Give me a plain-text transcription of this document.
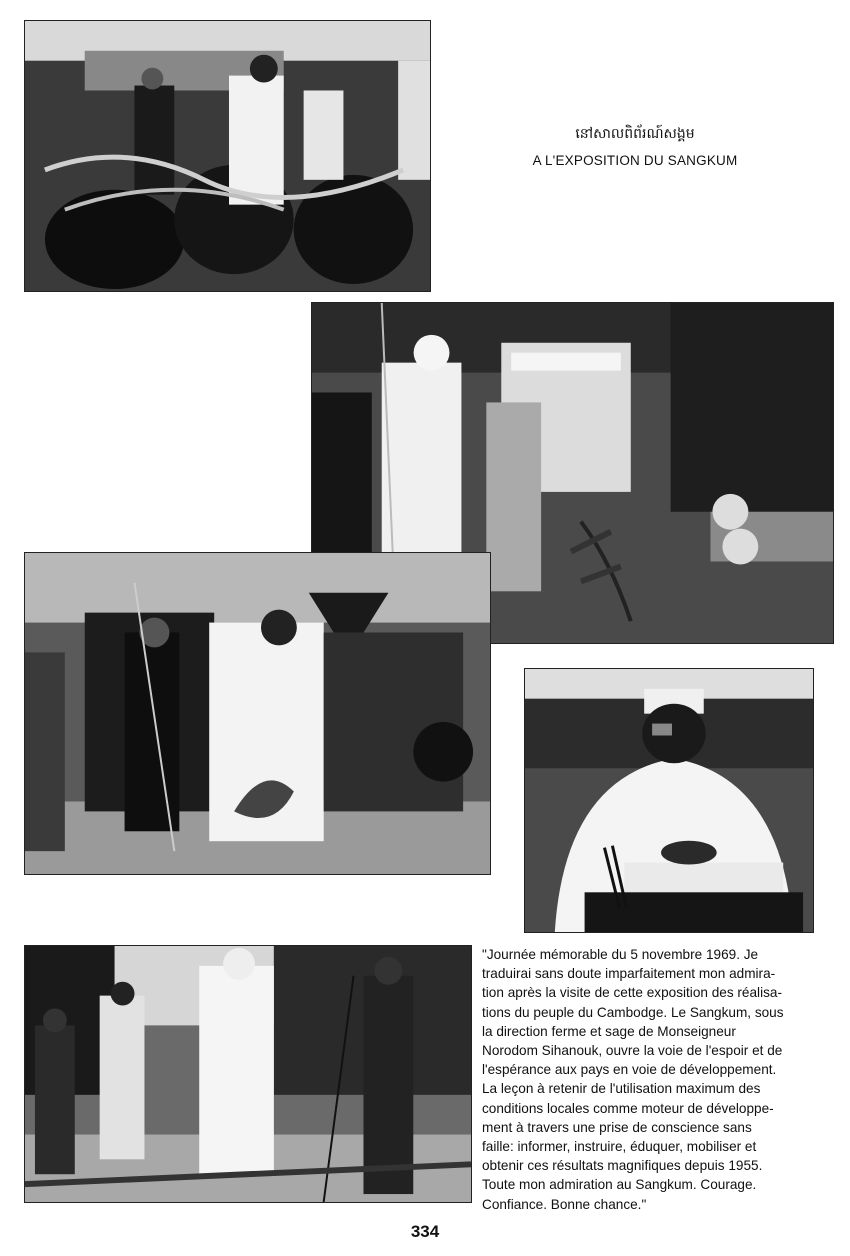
នៅសាលពិព័រណ៍សង្គម
A L'EXPOSITION DU SANGKUM
"Journée mémorable du 5 novembre 1969. Je
traduirai sans doute imparfaitement mon admira-
tion après la visite de cette exposition des réalisa-
tions du peuple du Cambodge. Le Sangkum, sous
la direction ferme et sage de Monseigneur
Norodom Sihanouk, ouvre la voie de l'espoir et de
l'espérance aux pays en voie de développement.
La leçon à retenir de l'utilisation maximum des
conditions locales comme moteur de développe-
ment à travers une prise de conscience sans
faille: informer, instruire, éduquer, mobiliser et
obtenir ces résultats magnifiques depuis 1955.
Toute mon admiration au Sangkum. Courage.
Confiance. Bonne chance."
334
